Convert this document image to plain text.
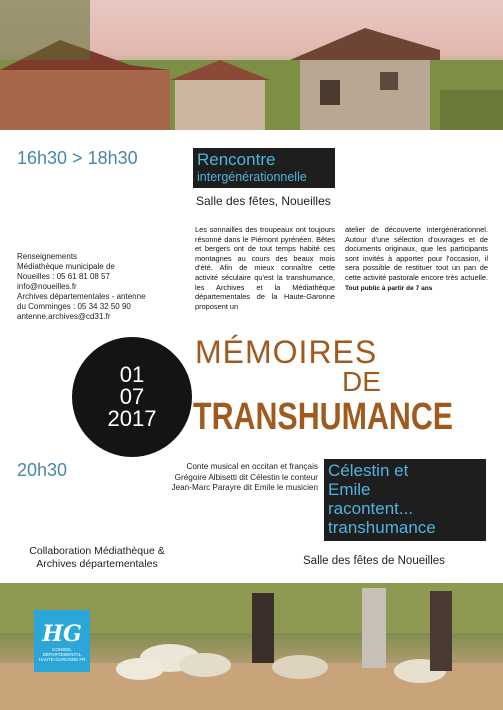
16h30 > 18h30	Rencontre
intergénérationnelle
Salle des fêtes, Noueilles
Renseignements
Médiathèque municipale de
Noueilles : 05 61 81 08 57
info@noueilles.fr
Archives départementales - antenne
du Comminges : 05 34 32 50 90
antenne.archives@cd31.fr
Les sonnailles des troupeaux ont toujours résonné dans le Piémont pyrénéen. Bêtes et bergers ont de tout temps habité ces montagnes au cours des beaux mois d'été. Afin de mieux connaître cette activité séculaire qu'est la transhumance, les Archives et la Médiathèque départementales de la Haute-Garonne proposent un
atelier de découverte intergénérationnel. Autour d'une sélection d'ouvrages et de documents originaux, que les participants sont invités à apporter pour l'occasion, il sera possible de restituer tout un pan de cette activité pastorale encore très actuelle. Tout public à partir de 7 ans
01
07
2017
MÉMOIRES
DE
TRANSHUMANCE
20h30	Conte musical en occitan et français
Grégoire Albisetti dit Célestin le conteur
Jean-Marc Parayre dit Emile le musicien
Célestin et
Emile
racontent...
transhumance
Collaboration Médiathèque &
Archives départementales	Salle des fêtes de Noueilles
HG
CONSEIL DÉPARTEMENTAL
HAUTE-GARONNE.FR
